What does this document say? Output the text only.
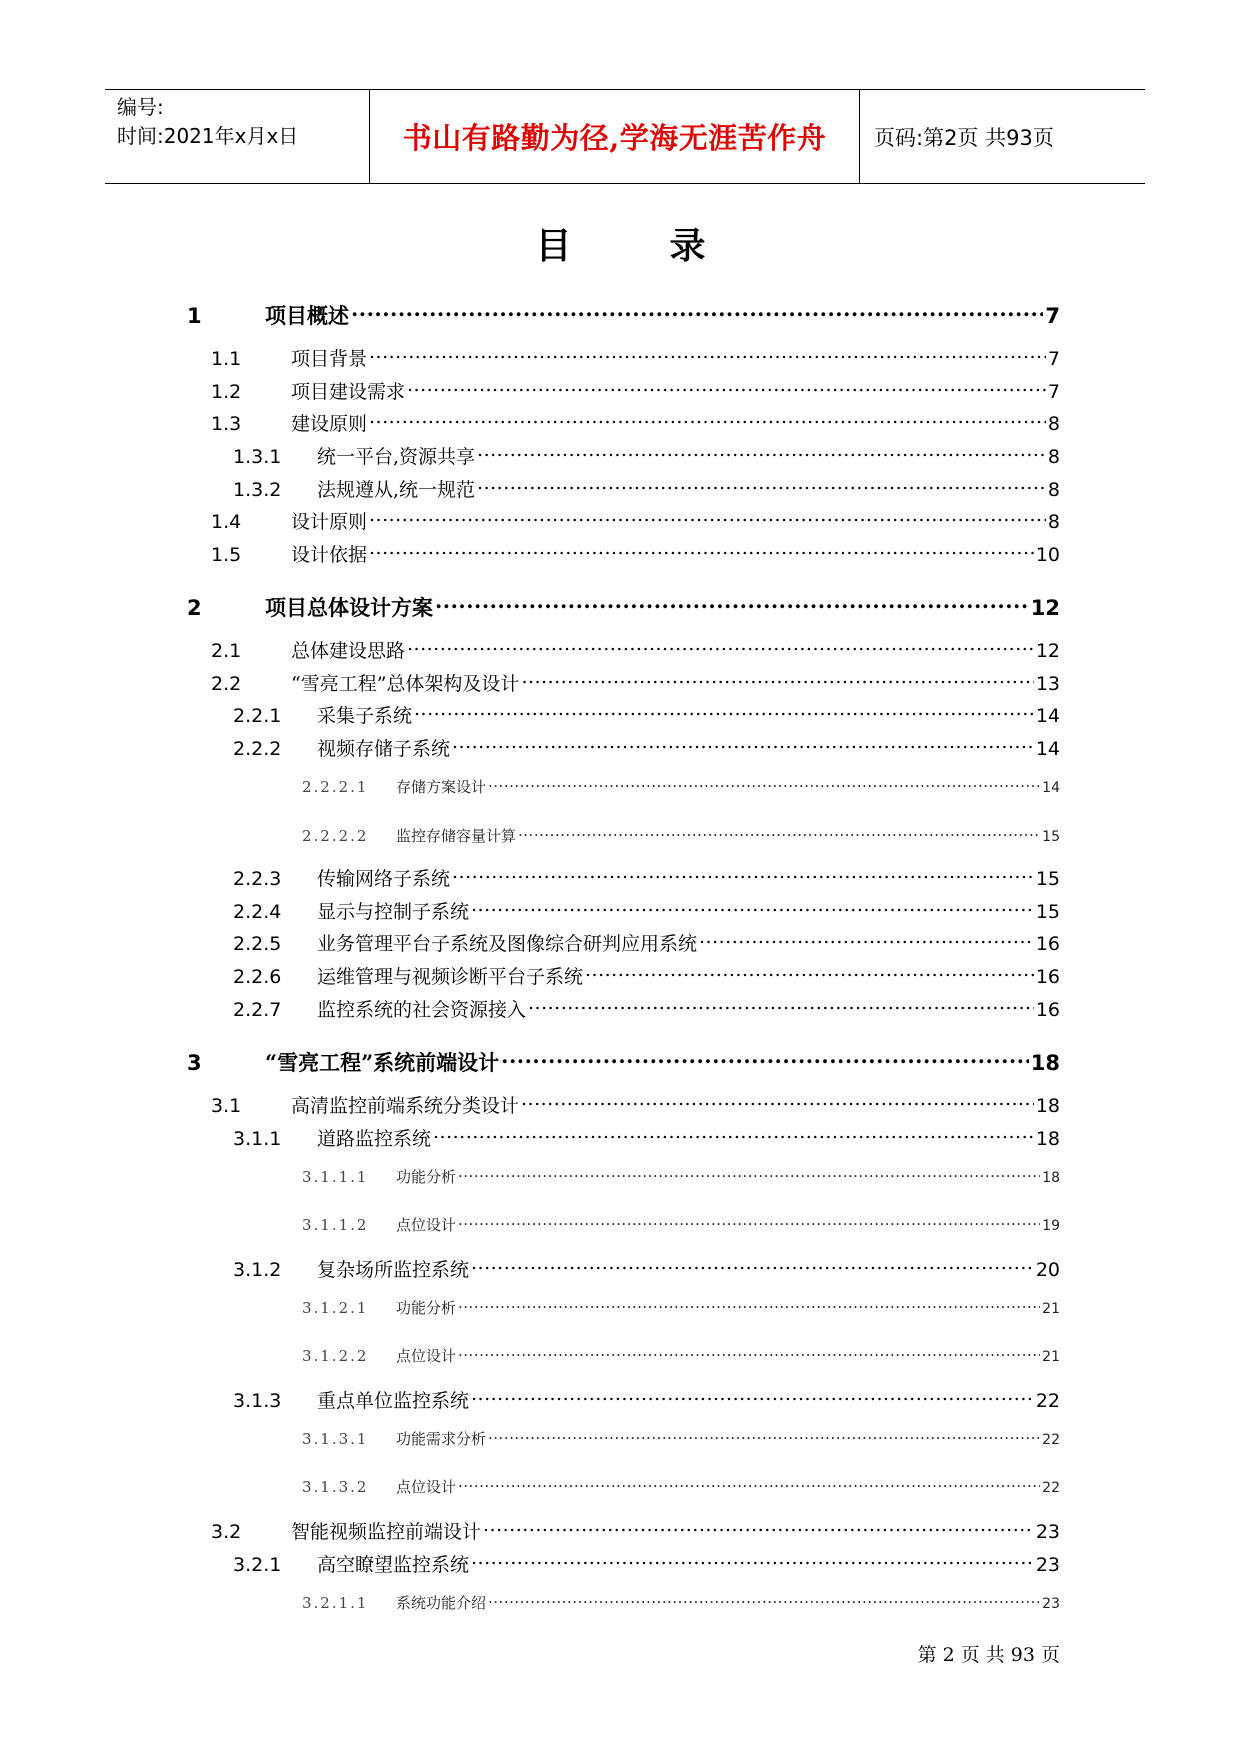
编号:
时间:2021年x月x日	书山有路勤为径,学海无涯苦作舟	页码:第2页 共93页
目	录
1	项目概述 .....	7
1.1	项目背景 .....	7
1.2	项目建设需求 .....	7
1.3	建设原则 .....	8
1.3.1	统一平台,资源共享 .....	8
1.3.2	法规遵从,统一规范 .....	8
1.4	设计原则 .....	8
1.5	设计依据 .....	10
2	项目总体设计方案 .....	12
2.1	总体建设思路 .....	12
2.2	“雪亮工程”总体架构及设计 .....	13
2.2.1	采集子系统 .....	14
2.2.2	视频存储子系统 .....	14
2.2.2.1	存储方案设计 .....	14
2.2.2.2	监控存储容量计算 .....	15
2.2.3	传输网络子系统 .....	15
2.2.4	显示与控制子系统 .....	15
2.2.5	业务管理平台子系统及图像综合研判应用系统 .....	16
2.2.6	运维管理与视频诊断平台子系统 .....	16
2.2.7	监控系统的社会资源接入 .....	16
3	“雪亮工程”系统前端设计 .....	18
3.1	高清监控前端系统分类设计 .....	18
3.1.1	道路监控系统 .....	18
3.1.1.1	功能分析 .....	18
3.1.1.2	点位设计 .....	19
3.1.2	复杂场所监控系统 .....	20
3.1.2.1	功能分析 .....	21
3.1.2.2	点位设计 .....	21
3.1.3	重点单位监控系统 .....	22
3.1.3.1	功能需求分析 .....	22
3.1.3.2	点位设计 .....	22
3.2	智能视频监控前端设计 .....	23
3.2.1	高空瞭望监控系统 .....	23
3.2.1.1	系统功能介绍 .....	23
第 2 页 共 93 页
